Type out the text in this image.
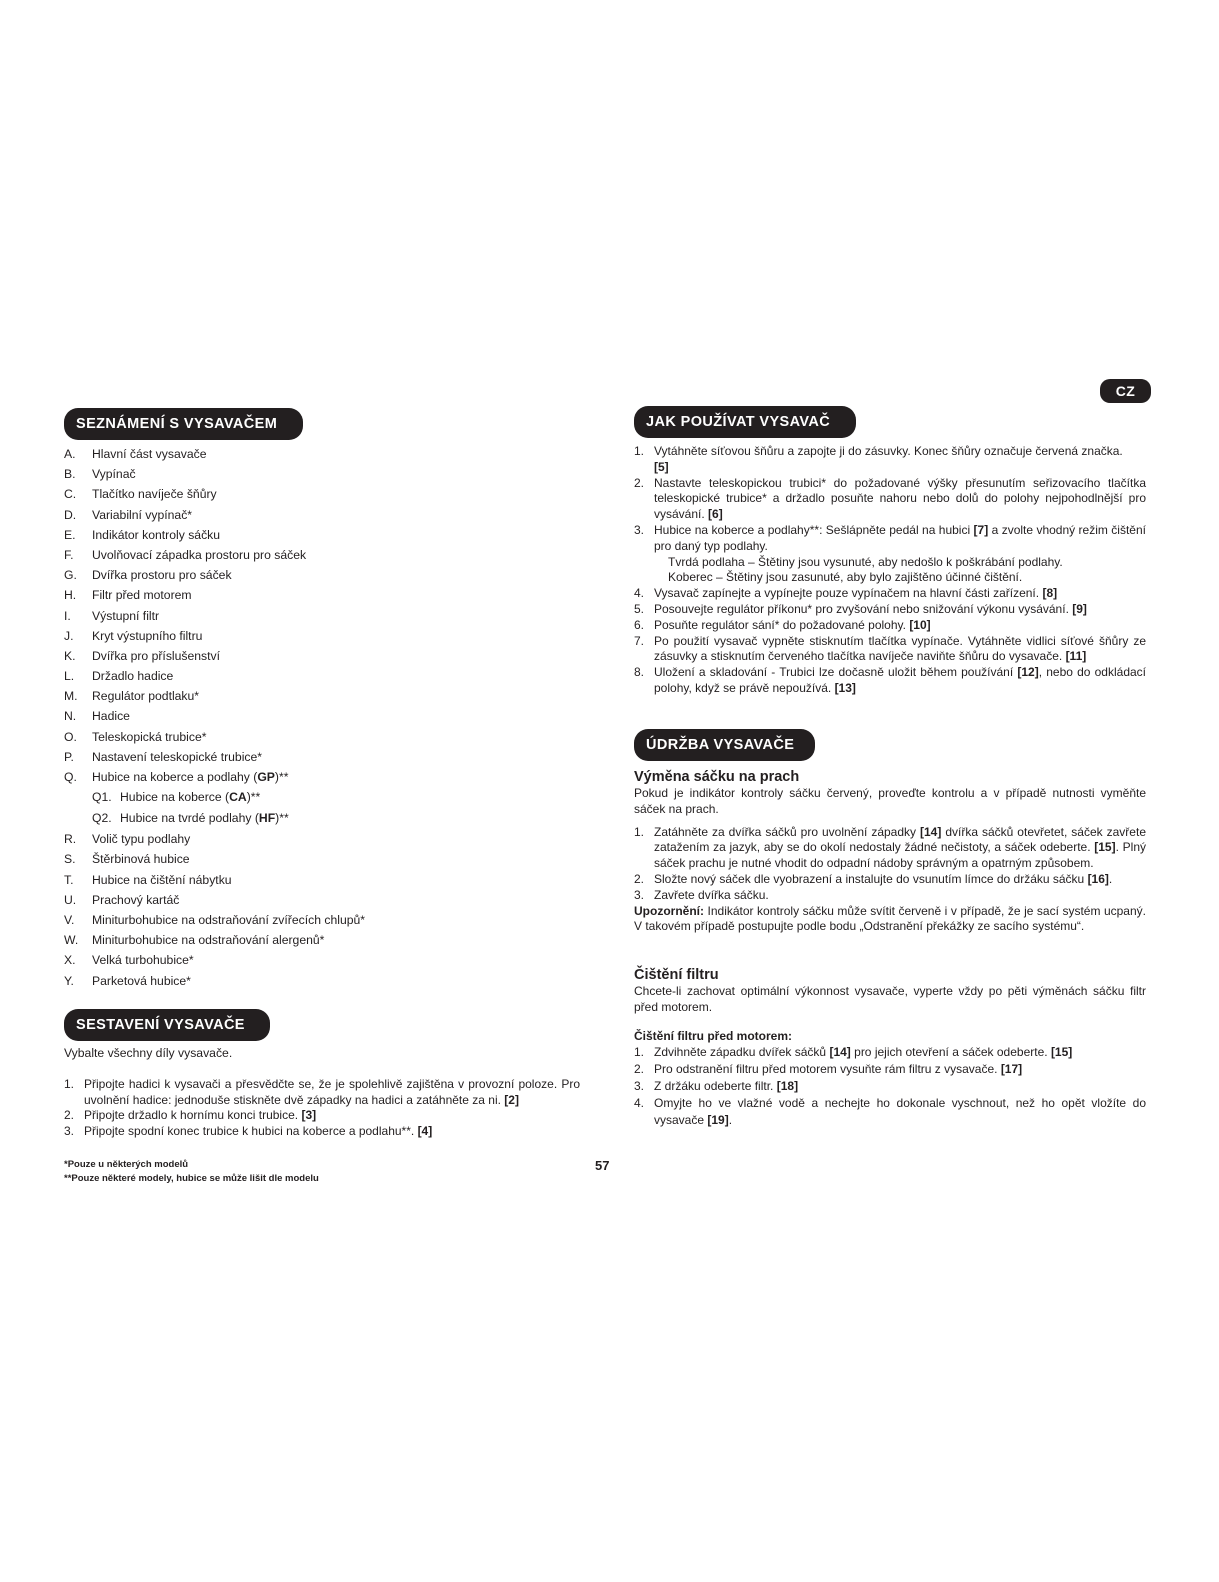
CZ
SEZNÁMENÍ S VYSAVAČEM
A. Hlavní část vysavače
B. Vypínač
C. Tlačítko navíječe šňůry
D. Variabilní vypínač*
E. Indikátor kontroly sáčku
F. Uvolňovací západka prostoru pro sáček
G. Dvířka prostoru pro sáček
H. Filtr před motorem
I. Výstupní filtr
J. Kryt výstupního filtru
K. Dvířka pro příslušenství
L. Držadlo hadice
M. Regulátor podtlaku*
N. Hadice
O. Teleskopická trubice*
P. Nastavení teleskopické trubice*
Q. Hubice na koberce a podlahy (GP)**
Q1. Hubice na koberce (CA)**
Q2. Hubice na tvrdé podlahy (HF)**
R. Volič typu podlahy
S. Štěrbinová hubice
T. Hubice na čištění nábytku
U. Prachový kartáč
V. Miniturbohubice na odstraňování zvířecích chlupů*
W. Miniturbohubice na odstraňování alergenů*
X. Velká turbohubice*
Y. Parketová hubice*
SESTAVENÍ VYSAVAČE

Vybalte všechny díly vysavače.

1. Připojte hadici k vysavači a přesvědčte se, že je spolehlivě zajištěna v provozní poloze. Pro uvolnění hadice: jednoduše stiskněte dvě západky na hadici a zatáhněte za ni. [2]
2. Připojte držadlo k hornímu konci trubice. [3]
3. Připojte spodní konec trubice k hubici na koberce a podlahu**. [4]
*Pouze u některých modelů
**Pouze některé modely, hubice se může lišit dle modelu
57
JAK POUŽÍVAT VYSAVAČ
1. Vytáhněte síťovou šňůru a zapojte ji do zásuvky. Konec šňůry označuje červená značka.
[5]
2. Nastavte teleskopickou trubici* do požadované výšky přesunutím seřizovacího tlačítka teleskopické trubice* a držadlo posuňte nahoru nebo dolů do polohy nejpohodlnější pro vysávání. [6]
3. Hubice na koberce a podlahy**: Sešlápněte pedál na hubici [7] a zvolte vhodný režim čištění pro daný typ podlahy.
Tvrdá podlaha – Štětiny jsou vysunuté, aby nedošlo k poškrábání podlahy.
Koberec – Štětiny jsou zasunuté, aby bylo zajištěno účinné čištění.
4. Vysavač zapínejte a vypínejte pouze vypínačem na hlavní části zařízení. [8]
5. Posouvejte regulátor příkonu* pro zvyšování nebo snižování výkonu vysávání. [9]
6. Posuňte regulátor sání* do požadované polohy. [10]
7. Po použití vysavač vypněte stisknutím tlačítka vypínače. Vytáhněte vidlici síťové šňůry ze zásuvky a stisknutím červeného tlačítka navíječe naviňte šňůru do vysavače. [11]
8. Uložení a skladování - Trubici lze dočasně uložit během používání [12], nebo do odkládací polohy, když se právě nepoužívá. [13]
ÚDRŽBA VYSAVAČE
Výměna sáčku na prach

Pokud je indikátor kontroly sáčku červený, proveďte kontrolu a v případě nutnosti vyměňte sáček na prach.

1. Zatáhněte za dvířka sáčků pro uvolnění západky [14] dvířka sáčků otevřetet, sáček zavřete zatažením za jazyk, aby se do okolí nedostaly žádné nečistoty, a sáček odeberte. [15]. Plný sáček prachu je nutné vhodit do odpadní nádoby správným a opatrným způsobem.
2. Složte nový sáček dle vyobrazení a instalujte do vsunutím límce do držáku sáčku [16].
3. Zavřete dvířka sáčku.

Upozornění: Indikátor kontroly sáčku může svítit červeně i v případě, že je sací systém ucpaný. V takovém případě postupujte podle bodu „Odstranění překážky ze sacího systému“.

Čištění filtru

Chcete-li zachovat optimální výkonnost vysavače, vyperte vždy po pěti výměnách sáčku filtr před motorem.

Čištění filtru před motorem:
1. Zdvihněte západku dvířek sáčků [14] pro jejich otevření a sáček odeberte. [15]
2. Pro odstranění filtru před motorem vysuňte rám filtru z vysavače. [17]
3. Z držáku odeberte filtr. [18]
4. Omyjte ho ve vlažné vodě a nechejte ho dokonale vyschnout, než ho opět vložíte do vysavače [19].
